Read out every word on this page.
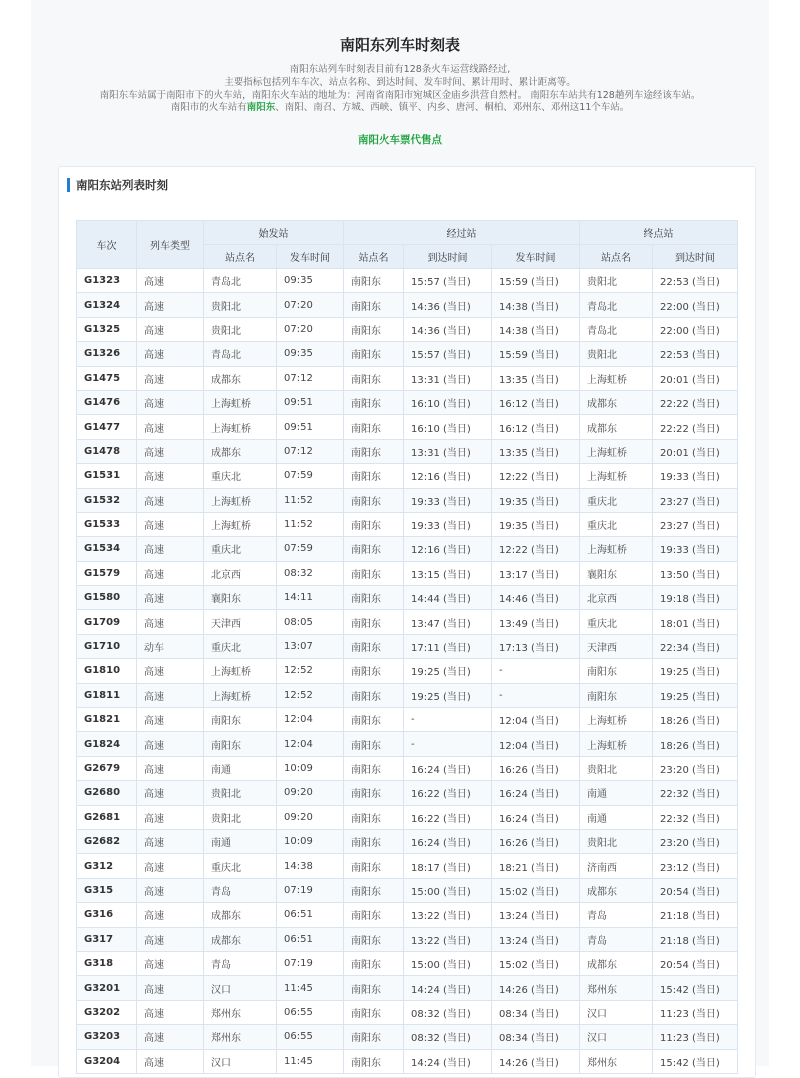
南阳东列车时刻表
南阳东站列车时刻表目前有128条火车运营线路经过,
主要指标包括列车车次、站点名称、到达时间、发车时间、累计用时、累计距离等。
南阳东车站属于南阳市下的火车站，南阳东火车站的地址为：河南省南阳市宛城区金庙乡洪营自然村。 南阳东车站共有128趟列车途经该车站。
南阳市的火车站有南阳东、南阳、南召、方城、西峡、镇平、内乡、唐河、桐柏、邓州东、邓州这11个车站。
南阳火车票代售点
南阳东站列表时刻
车次	列车类型	始发站		经过站			终点站	
		站点名	发车时间	站点名	到达时间	发车时间	站点名	到达时间
G1323	高速	青岛北	09:35	南阳东	15:57 (当日)	15:59 (当日)	贵阳北	22:53 (当日)
G1324	高速	贵阳北	07:20	南阳东	14:36 (当日)	14:38 (当日)	青岛北	22:00 (当日)
G1325	高速	贵阳北	07:20	南阳东	14:36 (当日)	14:38 (当日)	青岛北	22:00 (当日)
G1326	高速	青岛北	09:35	南阳东	15:57 (当日)	15:59 (当日)	贵阳北	22:53 (当日)
G1475	高速	成都东	07:12	南阳东	13:31 (当日)	13:35 (当日)	上海虹桥	20:01 (当日)
G1476	高速	上海虹桥	09:51	南阳东	16:10 (当日)	16:12 (当日)	成都东	22:22 (当日)
G1477	高速	上海虹桥	09:51	南阳东	16:10 (当日)	16:12 (当日)	成都东	22:22 (当日)
G1478	高速	成都东	07:12	南阳东	13:31 (当日)	13:35 (当日)	上海虹桥	20:01 (当日)
G1531	高速	重庆北	07:59	南阳东	12:16 (当日)	12:22 (当日)	上海虹桥	19:33 (当日)
G1532	高速	上海虹桥	11:52	南阳东	19:33 (当日)	19:35 (当日)	重庆北	23:27 (当日)
G1533	高速	上海虹桥	11:52	南阳东	19:33 (当日)	19:35 (当日)	重庆北	23:27 (当日)
G1534	高速	重庆北	07:59	南阳东	12:16 (当日)	12:22 (当日)	上海虹桥	19:33 (当日)
G1579	高速	北京西	08:32	南阳东	13:15 (当日)	13:17 (当日)	襄阳东	13:50 (当日)
G1580	高速	襄阳东	14:11	南阳东	14:44 (当日)	14:46 (当日)	北京西	19:18 (当日)
G1709	高速	天津西	08:05	南阳东	13:47 (当日)	13:49 (当日)	重庆北	18:01 (当日)
G1710	动车	重庆北	13:07	南阳东	17:11 (当日)	17:13 (当日)	天津西	22:34 (当日)
G1810	高速	上海虹桥	12:52	南阳东	19:25 (当日)	-	南阳东	19:25 (当日)
G1811	高速	上海虹桥	12:52	南阳东	19:25 (当日)	-	南阳东	19:25 (当日)
G1821	高速	南阳东	12:04	南阳东	-	12:04 (当日)	上海虹桥	18:26 (当日)
G1824	高速	南阳东	12:04	南阳东	-	12:04 (当日)	上海虹桥	18:26 (当日)
G2679	高速	南通	10:09	南阳东	16:24 (当日)	16:26 (当日)	贵阳北	23:20 (当日)
G2680	高速	贵阳北	09:20	南阳东	16:22 (当日)	16:24 (当日)	南通	22:32 (当日)
G2681	高速	贵阳北	09:20	南阳东	16:22 (当日)	16:24 (当日)	南通	22:32 (当日)
G2682	高速	南通	10:09	南阳东	16:24 (当日)	16:26 (当日)	贵阳北	23:20 (当日)
G312	高速	重庆北	14:38	南阳东	18:17 (当日)	18:21 (当日)	济南西	23:12 (当日)
G315	高速	青岛	07:19	南阳东	15:00 (当日)	15:02 (当日)	成都东	20:54 (当日)
G316	高速	成都东	06:51	南阳东	13:22 (当日)	13:24 (当日)	青岛	21:18 (当日)
G317	高速	成都东	06:51	南阳东	13:22 (当日)	13:24 (当日)	青岛	21:18 (当日)
G318	高速	青岛	07:19	南阳东	15:00 (当日)	15:02 (当日)	成都东	20:54 (当日)
G3201	高速	汉口	11:45	南阳东	14:24 (当日)	14:26 (当日)	郑州东	15:42 (当日)
G3202	高速	郑州东	06:55	南阳东	08:32 (当日)	08:34 (当日)	汉口	11:23 (当日)
G3203	高速	郑州东	06:55	南阳东	08:32 (当日)	08:34 (当日)	汉口	11:23 (当日)
G3204	高速	汉口	11:45	南阳东	14:24 (当日)	14:26 (当日)	郑州东	15:42 (当日)
